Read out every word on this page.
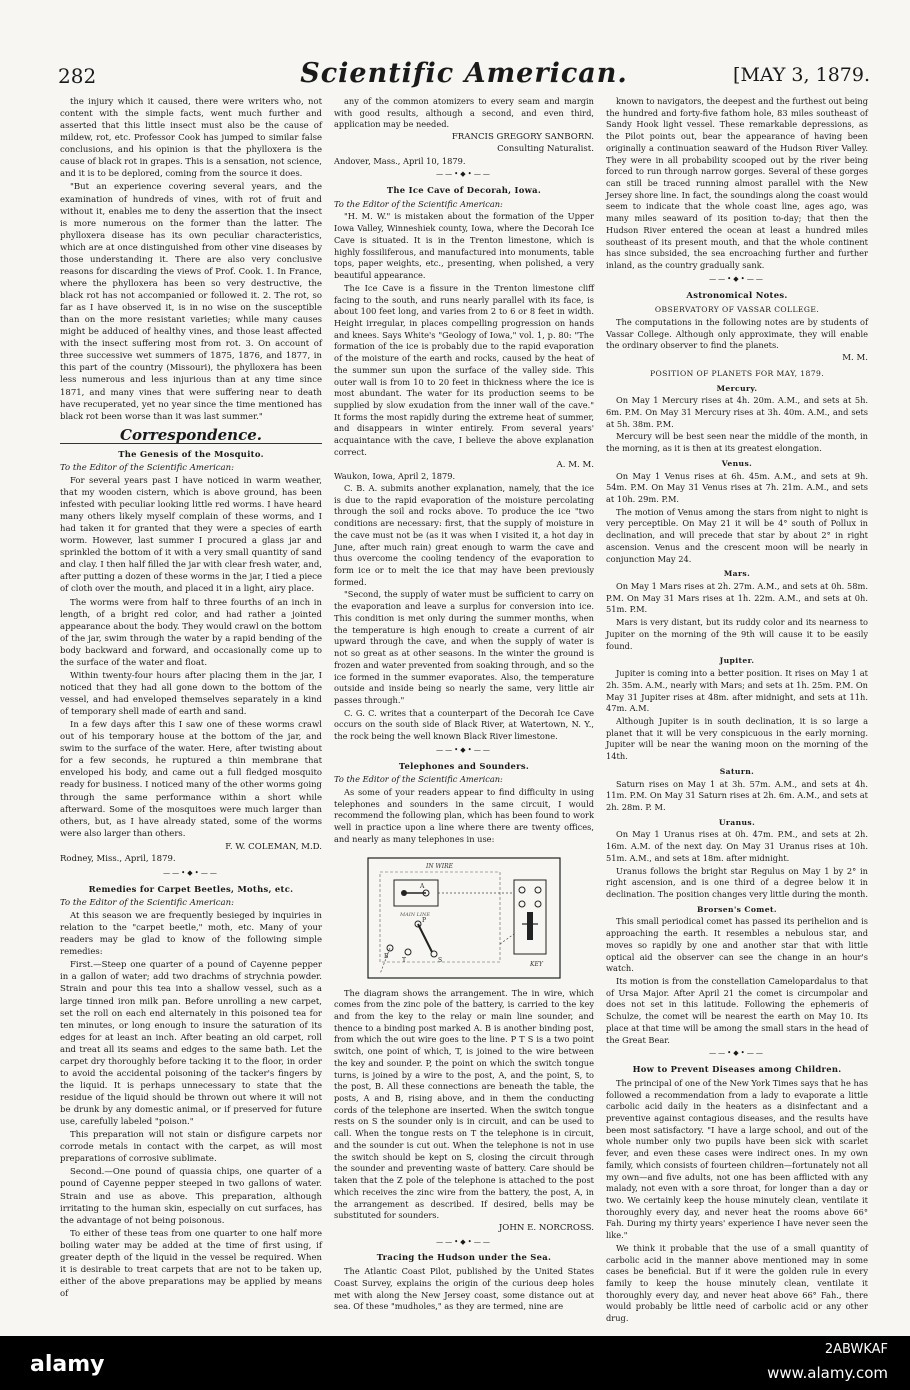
282	Scientific American.	[MAY 3, 1879.

the injury which it caused, there were writers who, not content with the simple facts, went much further and asserted that this little insect must also be the cause of mildew, rot, etc. Professor Cook has jumped to similar false conclusions, and his opinion is that the phylloxera is the cause of black rot in grapes. This is a sensation, not science, and it is to be deplored, coming from the source it does.

"But an experience covering several years, and the examination of hundreds of vines, with rot of fruit and without it, enables me to deny the assertion that the insect is more numerous on the former than the latter. The phylloxera disease has its own peculiar characteristics, which are at once distinguished from other vine diseases by those understanding it. There are also very conclusive reasons for discarding the views of Prof. Cook. 1. In France, where the phylloxera has been so very destructive, the black rot has not accompanied or followed it. 2. The rot, so far as I have observed it, is in no wise on the susceptible than on the more resistant varieties; while many causes might be adduced of healthy vines, and those least affected with the insect suffering most from rot. 3. On account of three successive wet summers of 1875, 1876, and 1877, in this part of the country (Missouri), the phylloxera has been less numerous and less injurious than at any time since 1871, and many vines that were suffering near to death have recuperated, yet no year since the time mentioned has black rot been worse than it was last summer."

Correspondence.
The Genesis of the Mosquito.
To the Editor of the Scientific American:

For several years past I have noticed in warm weather, that my wooden cistern, which is above ground, has been infested with peculiar looking little red worms. I have heard many others likely myself complain of these worms, and I had taken it for granted that they were a species of earth worm. However, last summer I procured a glass jar and sprinkled the bottom of it with a very small quantity of sand and clay. I then half filled the jar with clear fresh water, and, after putting a dozen of these worms in the jar, I tied a piece of cloth over the mouth, and placed it in a light, airy place.

The worms were from half to three fourths of an inch in length, of a bright red color, and had rather a jointed appearance about the body. They would crawl on the bottom of the jar, swim through the water by a rapid bending of the body backward and forward, and occasionally come up to the surface of the water and float.

Within twenty-four hours after placing them in the jar, I noticed that they had all gone down to the bottom of the vessel, and had enveloped themselves separately in a kind of temporary shell made of earth and sand.

In a few days after this I saw one of these worms crawl out of his temporary house at the bottom of the jar, and swim to the surface of the water. Here, after twisting about for a few seconds, he ruptured a thin membrane that enveloped his body, and came out a full fledged mosquito ready for business. I noticed many of the other worms going through the same performance within a short while afterward. Some of the mosquitoes were much larger than others, but, as I have already stated, some of the worms were also larger than others.

F. W. COLEMAN, M.D.
Rodney, Miss., April, 1879.
——•◆•——
Remedies for Carpet Beetles, Moths, etc.
To the Editor of the Scientific American:

At this season we are frequently besieged by inquiries in relation to the "carpet beetle," moth, etc. Many of your readers may be glad to know of the following simple remedies:

First.—Steep one quarter of a pound of Cayenne pepper in a gallon of water; add two drachms of strychnia powder. Strain and pour this tea into a shallow vessel, such as a large tinned iron milk pan. Before unrolling a new carpet, set the roll on each end alternately in this poisoned tea for ten minutes, or long enough to insure the saturation of its edges for at least an inch. After beating an old carpet, roll and treat all its seams and edges to the same bath. Let the carpet dry thoroughly before tacking it to the floor, in order to avoid the accidental poisoning of the tacker's fingers by the liquid. It is perhaps unnecessary to state that the residue of the liquid should be thrown out where it will not be drunk by any domestic animal, or if preserved for future use, carefully labeled "poison."

This preparation will not stain or disfigure carpets nor corrode metals in contact with the carpet, as will most preparations of corrosive sublimate.

Second.—One pound of quassia chips, one quarter of a pound of Cayenne pepper steeped in two gallons of water. Strain and use as above. This preparation, although irritating to the human skin, especially on cut surfaces, has the advantage of not being poisonous.

To either of these teas from one quarter to one half more boiling water may be added at the time of first using, if greater depth of the liquid in the vessel be required. When it is desirable to treat carpets that are not to be taken up, either of the above preparations may be applied by means of

any of the common atomizers to every seam and margin with good results, although a second, and even third, application may be needed.

FRANCIS GREGORY SANBORN.
Consulting Naturalist.
Andover, Mass., April 10, 1879.
——•◆•——
The Ice Cave of Decorah, Iowa.
To the Editor of the Scientific American:

"H. M. W." is mistaken about the formation of the Upper Iowa Valley, Winneshiek county, Iowa, where the Decorah Ice Cave is situated. It is in the Trenton limestone, which is highly fossiliferous, and manufactured into monuments, table tops, paper weights, etc., presenting, when polished, a very beautiful appearance.

The Ice Cave is a fissure in the Trenton limestone cliff facing to the south, and runs nearly parallel with its face, is about 100 feet long, and varies from 2 to 6 or 8 feet in width. Height irregular, in places compelling progression on hands and knees. Says White's "Geology of Iowa," vol. 1, p. 80: "The formation of the ice is probably due to the rapid evaporation of the moisture of the earth and rocks, caused by the heat of the summer sun upon the surface of the valley side. This outer wall is from 10 to 20 feet in thickness where the ice is most abundant. The water for its production seems to be supplied by slow exudation from the inner wall of the cave." It forms the most rapidly during the extreme heat of summer, and disappears in winter entirely. From several years' acquaintance with the cave, I believe the above explanation correct.

A. M. M.
Waukon, Iowa, April 2, 1879.

C. B. A. submits another explanation, namely, that the ice is due to the rapid evaporation of the moisture percolating through the soil and rocks above. To produce the ice "two conditions are necessary: first, that the supply of moisture in the cave must not be (as it was when I visited it, a hot day in June, after much rain) great enough to warm the cave and thus overcome the cooling tendency of the evaporation to form ice or to melt the ice that may have been previously formed.

"Second, the supply of water must be sufficient to carry on the evaporation and leave a surplus for conversion into ice. This condition is met only during the summer months, when the temperature is high enough to create a current of air upward through the cave, and when the supply of water is not so great as at other seasons. In the winter the ground is frozen and water prevented from soaking through, and so the ice formed in the summer evaporates. Also, the temperature outside and inside being so nearly the same, very little air passes through."

C. G. C. writes that a counterpart of the Decorah Ice Cave occurs on the south side of Black River, at Watertown, N. Y., the rock being the well known Black River limestone.

——•◆•——
Telephones and Sounders.
To the Editor of the Scientific American:

As some of your readers appear to find difficulty in using telephones and sounders in the same circuit, I would recommend the following plan, which has been found to work well in practice upon a line where there are twenty offices, and nearly as many telephones in use:

IN WIRE
MAIN LINE
A
T	S
P
B
KEY

The diagram shows the arrangement. The in wire, which comes from the zinc pole of the battery, is carried to the key and from the key to the relay or main line sounder, and thence to a binding post marked A. B is another binding post, from which the out wire goes to the line. P T S is a two point switch, one point of which, T, is joined to the wire between the key and sounder. P, the point on which the switch tongue turns, is joined by a wire to the post, A, and the point, S, to the post, B. All these connections are beneath the table, the posts, A and B, rising above, and in them the conducting cords of the telephone are inserted. When the switch tongue rests on S the sounder only is in circuit, and can be used to call. When the tongue rests on T the telephone is in circuit, and the sounder is cut out. When the telephone is not in use the switch should be kept on S, closing the circuit through the sounder and preventing waste of battery. Care should be taken that the Z pole of the telephone is attached to the post which receives the zinc wire from the battery, the post, A, in the arrangement as described. If desired, bells may be substituted for sounders.

JOHN E. NORCROSS.
——•◆•——
Tracing the Hudson under the Sea.

The Atlantic Coast Pilot, published by the United States Coast Survey, explains the origin of the curious deep holes met with along the New Jersey coast, some distance out at sea. Of these "mudholes," as they are termed, nine are

known to navigators, the deepest and the furthest out being the hundred and forty-five fathom hole, 83 miles southeast of Sandy Hook light vessel. These remarkable depressions, as the Pilot points out, bear the appearance of having been originally a continuation seaward of the Hudson River Valley. They were in all probability scooped out by the river being forced to run through narrow gorges. Several of these gorges can still be traced running almost parallel with the New Jersey shore line. In fact, the soundings along the coast would seem to indicate that the whole coast line, ages ago, was many miles seaward of its position to-day; that then the Hudson River entered the ocean at least a hundred miles southeast of its present mouth, and that the whole continent has since subsided, the sea encroaching further and further inland, as the country gradually sank.

——•◆•——
Astronomical Notes.
OBSERVATORY OF VASSAR COLLEGE.

The computations in the following notes are by students of Vassar College. Although only approximate, they will enable the ordinary observer to find the planets.

M. M.
POSITION OF PLANETS FOR MAY, 1879.
Mercury.

On May 1 Mercury rises at 4h. 20m. A.M., and sets at 5h. 6m. P.M. On May 31 Mercury rises at 3h. 40m. A.M., and sets at 5h. 38m. P.M.

Mercury will be best seen near the middle of the month, in the morning, as it is then at its greatest elongation.

Venus.

On May 1 Venus rises at 6h. 45m. A.M., and sets at 9h. 54m. P.M. On May 31 Venus rises at 7h. 21m. A.M., and sets at 10h. 29m. P.M.

The motion of Venus among the stars from night to night is very perceptible. On May 21 it will be 4° south of Pollux in declination, and will precede that star by about 2° in right ascension. Venus and the crescent moon will be nearly in conjunction May 24.

Mars.

On May 1 Mars rises at 2h. 27m. A.M., and sets at 0h. 58m. P.M. On May 31 Mars rises at 1h. 22m. A.M., and sets at 0h. 51m. P.M.

Mars is very distant, but its ruddy color and its nearness to Jupiter on the morning of the 9th will cause it to be easily found.

Jupiter.

Jupiter is coming into a better position. It rises on May 1 at 2h. 35m. A.M., nearly with Mars; and sets at 1h. 25m. P.M. On May 31 Jupiter rises at 48m. after midnight, and sets at 11h. 47m. A.M.

Although Jupiter is in south declination, it is so large a planet that it will be very conspicuous in the early morning. Jupiter will be near the waning moon on the morning of the 14th.

Saturn.

Saturn rises on May 1 at 3h. 57m. A.M., and sets at 4h. 11m. P.M. On May 31 Saturn rises at 2h. 6m. A.M., and sets at 2h. 28m. P. M.

Uranus.

On May 1 Uranus rises at 0h. 47m. P.M., and sets at 2h. 16m. A.M. of the next day. On May 31 Uranus rises at 10h. 51m. A.M., and sets at 18m. after midnight.

Uranus follows the bright star Regulus on May 1 by 2° in right ascension, and is one third of a degree below it in declination. The position changes very little during the month.

Brorsen's Comet.

This small periodical comet has passed its perihelion and is approaching the earth. It resembles a nebulous star, and moves so rapidly by one and another star that with little optical aid the observer can see the change in an hour's watch.

Its motion is from the constellation Camelopardalus to that of Ursa Major. After April 21 the comet is circumpolar and does not set in this latitude. Following the ephemeris of Schulze, the comet will be nearest the earth on May 10. Its place at that time will be among the small stars in the head of the Great Bear.

——•◆•——
How to Prevent Diseases among Children.

The principal of one of the New York Times says that he has followed a recommendation from a lady to evaporate a little carbolic acid daily in the heaters as a disinfectant and a preventive against contagious diseases, and the results have been most satisfactory. "I have a large school, and out of the whole number only two pupils have been sick with scarlet fever, and even these cases were indirect ones. In my own family, which consists of fourteen children—fortunately not all my own—and five adults, not one has been afflicted with any malady, not even with a sore throat, for longer than a day or two. We certainly keep the house minutely clean, ventilate it thoroughly every day, and never heat the rooms above 66° Fah. During my thirty years' experience I have never seen the like."

We think it probable that the use of a small quantity of carbolic acid in the manner above mentioned may in some cases be beneficial. But if it were the golden rule in every family to keep the house minutely clean, ventilate it thoroughly every day, and never heat above 66° Fah., there would probably be little need of carbolic acid or any other drug.

alamy
2ABWKAF
www.alamy.com
